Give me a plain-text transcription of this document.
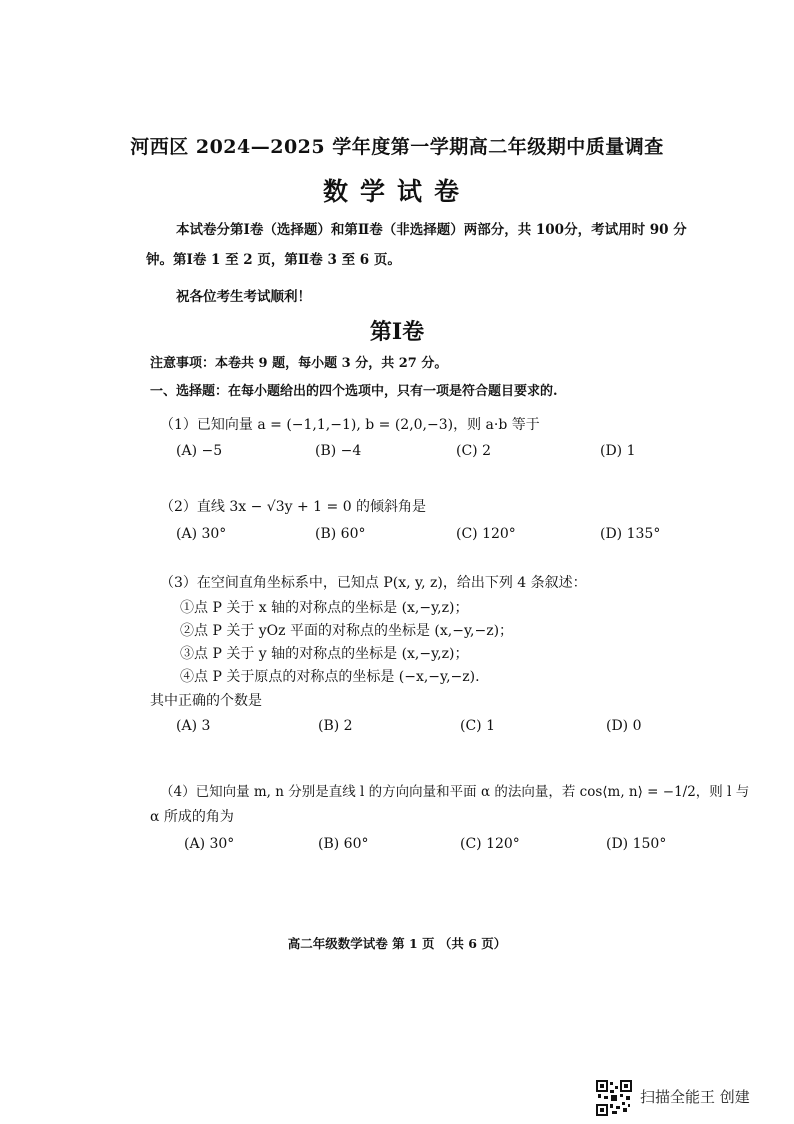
河西区 2024—2025 学年度第一学期高二年级期中质量调查
数学试卷
本试卷分第Ⅰ卷（选择题）和第Ⅱ卷（非选择题）两部分，共 100分，考试用时 90 分
钟。第Ⅰ卷 1 至 2 页，第Ⅱ卷 3 至 6 页。
祝各位考生考试顺利！
第Ⅰ卷
注意事项：本卷共 9 题，每小题 3 分，共 27 分。
一、选择题：在每小题给出的四个选项中，只有一项是符合题目要求的.
（1）已知向量 a = (−1,1,−1), b = (2,0,−3)，则 a·b 等于
(A) −5	(B) −4	(C) 2	(D) 1
（2）直线 3x − √3y + 1 = 0 的倾斜角是
(A) 30°	(B) 60°	(C) 120°	(D) 135°
（3）在空间直角坐标系中，已知点 P(x, y, z)，给出下列 4 条叙述：
①点 P 关于 x 轴的对称点的坐标是 (x,−y,z)；
②点 P 关于 yOz 平面的对称点的坐标是 (x,−y,−z)；
③点 P 关于 y 轴的对称点的坐标是 (x,−y,z)；
④点 P 关于原点的对称点的坐标是 (−x,−y,−z).
其中正确的个数是
(A) 3	(B) 2	(C) 1	(D) 0
（4）已知向量 m, n 分别是直线 l 的方向向量和平面 α 的法向量，若 cos⟨m, n⟩ = −1/2，则 l 与
α 所成的角为
(A) 30°	(B) 60°	(C) 120°	(D) 150°
高二年级数学试卷 第 1 页 （共 6 页）
扫描全能王 创建
